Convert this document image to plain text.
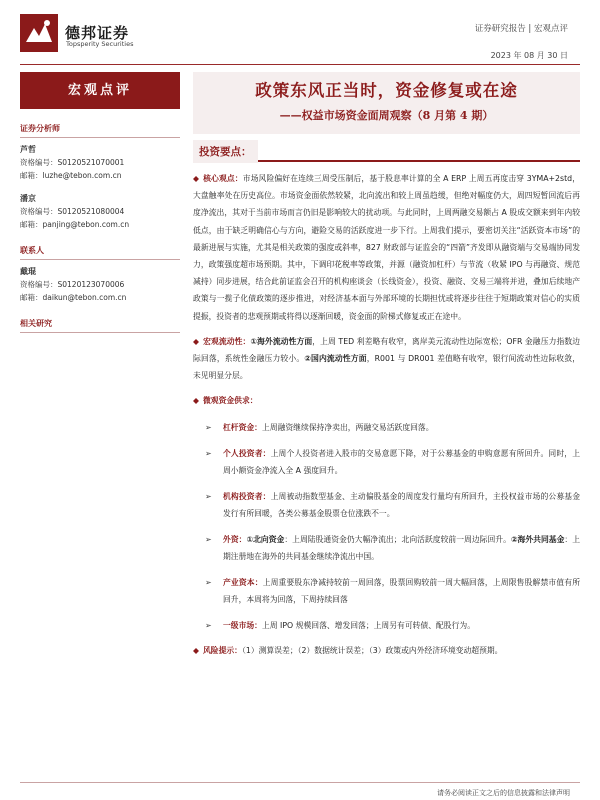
德邦证券
Topsperity Securities
证券研究报告 | 宏观点评
2023 年 08 月 30 日
宏观点评
证券分析师
芦哲
资格编号：S0120521070001
邮箱：luzhe@tebon.com.cn
潘京
资格编号：S0120521080004
邮箱：panjing@tebon.com.cn
联系人
戴琨
资格编号：S0120123070006
邮箱：daikun@tebon.com.cn
相关研究
政策东风正当时，资金修复或在途
——权益市场资金面周观察（8 月第 4 期）
投资要点：
◆ 核心观点：市场风险偏好在连续三周受压制后，基于股息率计算的全 A ERP 上周五再度击穿 3YMA+2std，大盘触率处在历史高位。市场资金面依然较紧，北向流出和较上周虽趋缓，但绝对幅度仍大，周四短暂回流后再度净流出，其对于当前市场而言仍旧是影响较大的扰动项。与此同时，上周两融交易额占 A 股成交额来到年内较低点，由于缺乏明确信心与方向，避险交易的活跃度进一步下行。上周我们提示，要密切关注“活跃资本市场”的最新进展与实施，尤其是相关政策的强度或斜率，827 财政部与证监会的“四箭”齐发即从融资端与交易端协同发力，政策强度超市场预期。其中，下调印花税率等政策，并源（融资加杠杆）与节流（收紧 IPO 与再融资、规范减持）同步进展，结合此前证监会召开的机构座谈会（长线资金），投资、融资、交易三端将并进，叠加后续地产政策与一揽子化债政策的逐步推进，对经济基本面与外部环境的长期担忧或将逐步往往于短期政策对信心的实质提振，投资者的悲观预期或将得以逐渐回暖，资金面的阶梯式修复或正在途中。
◆ 宏观流动性：①海外流动性方面，上周 TED 利差略有收窄，离岸美元流动性边际宽松；OFR 金融压力指数边际回落，系统性金融压力较小。②国内流动性方面，R001 与 DR001 差值略有收窄，银行间流动性边际收敛，未见明显分层。
◆ 微观资金供求：
➢ 杠杆资金：上周融资继续保持净卖出，两融交易活跃度回落。
➢ 个人投资者：上周个人投资者进入股市的交易意愿下降，对于公募基金的申购意愿有所回升。同时，上周小额资金净流入全 A 强度回升。
➢ 机构投资者：上周被动指数型基金、主动偏股基金的周度发行量均有所回升，主投权益市场的公募基金发行有所回暖，各类公募基金股票仓位涨跌不一。
➢ 外资：①北向资金：上周陆股通资金仍大幅净流出；北向活跃度较前一周边际回升。②海外共同基金：上期注册地在海外的共同基金继续净流出中国。
➢ 产业资本：上周重要股东净减持较前一周回落，股票回购较前一周大幅回落，上周限售股解禁市值有所回升，本周将为回落，下周持续回落
➢ 一级市场：上周 IPO 规模回落、增发回落；上周另有可转债、配股行为。
◆ 风险提示：（1）测算误差；（2）数据统计误差；（3）政策或内外经济环境变动超预期。
请务必阅读正文之后的信息披露和法律声明
